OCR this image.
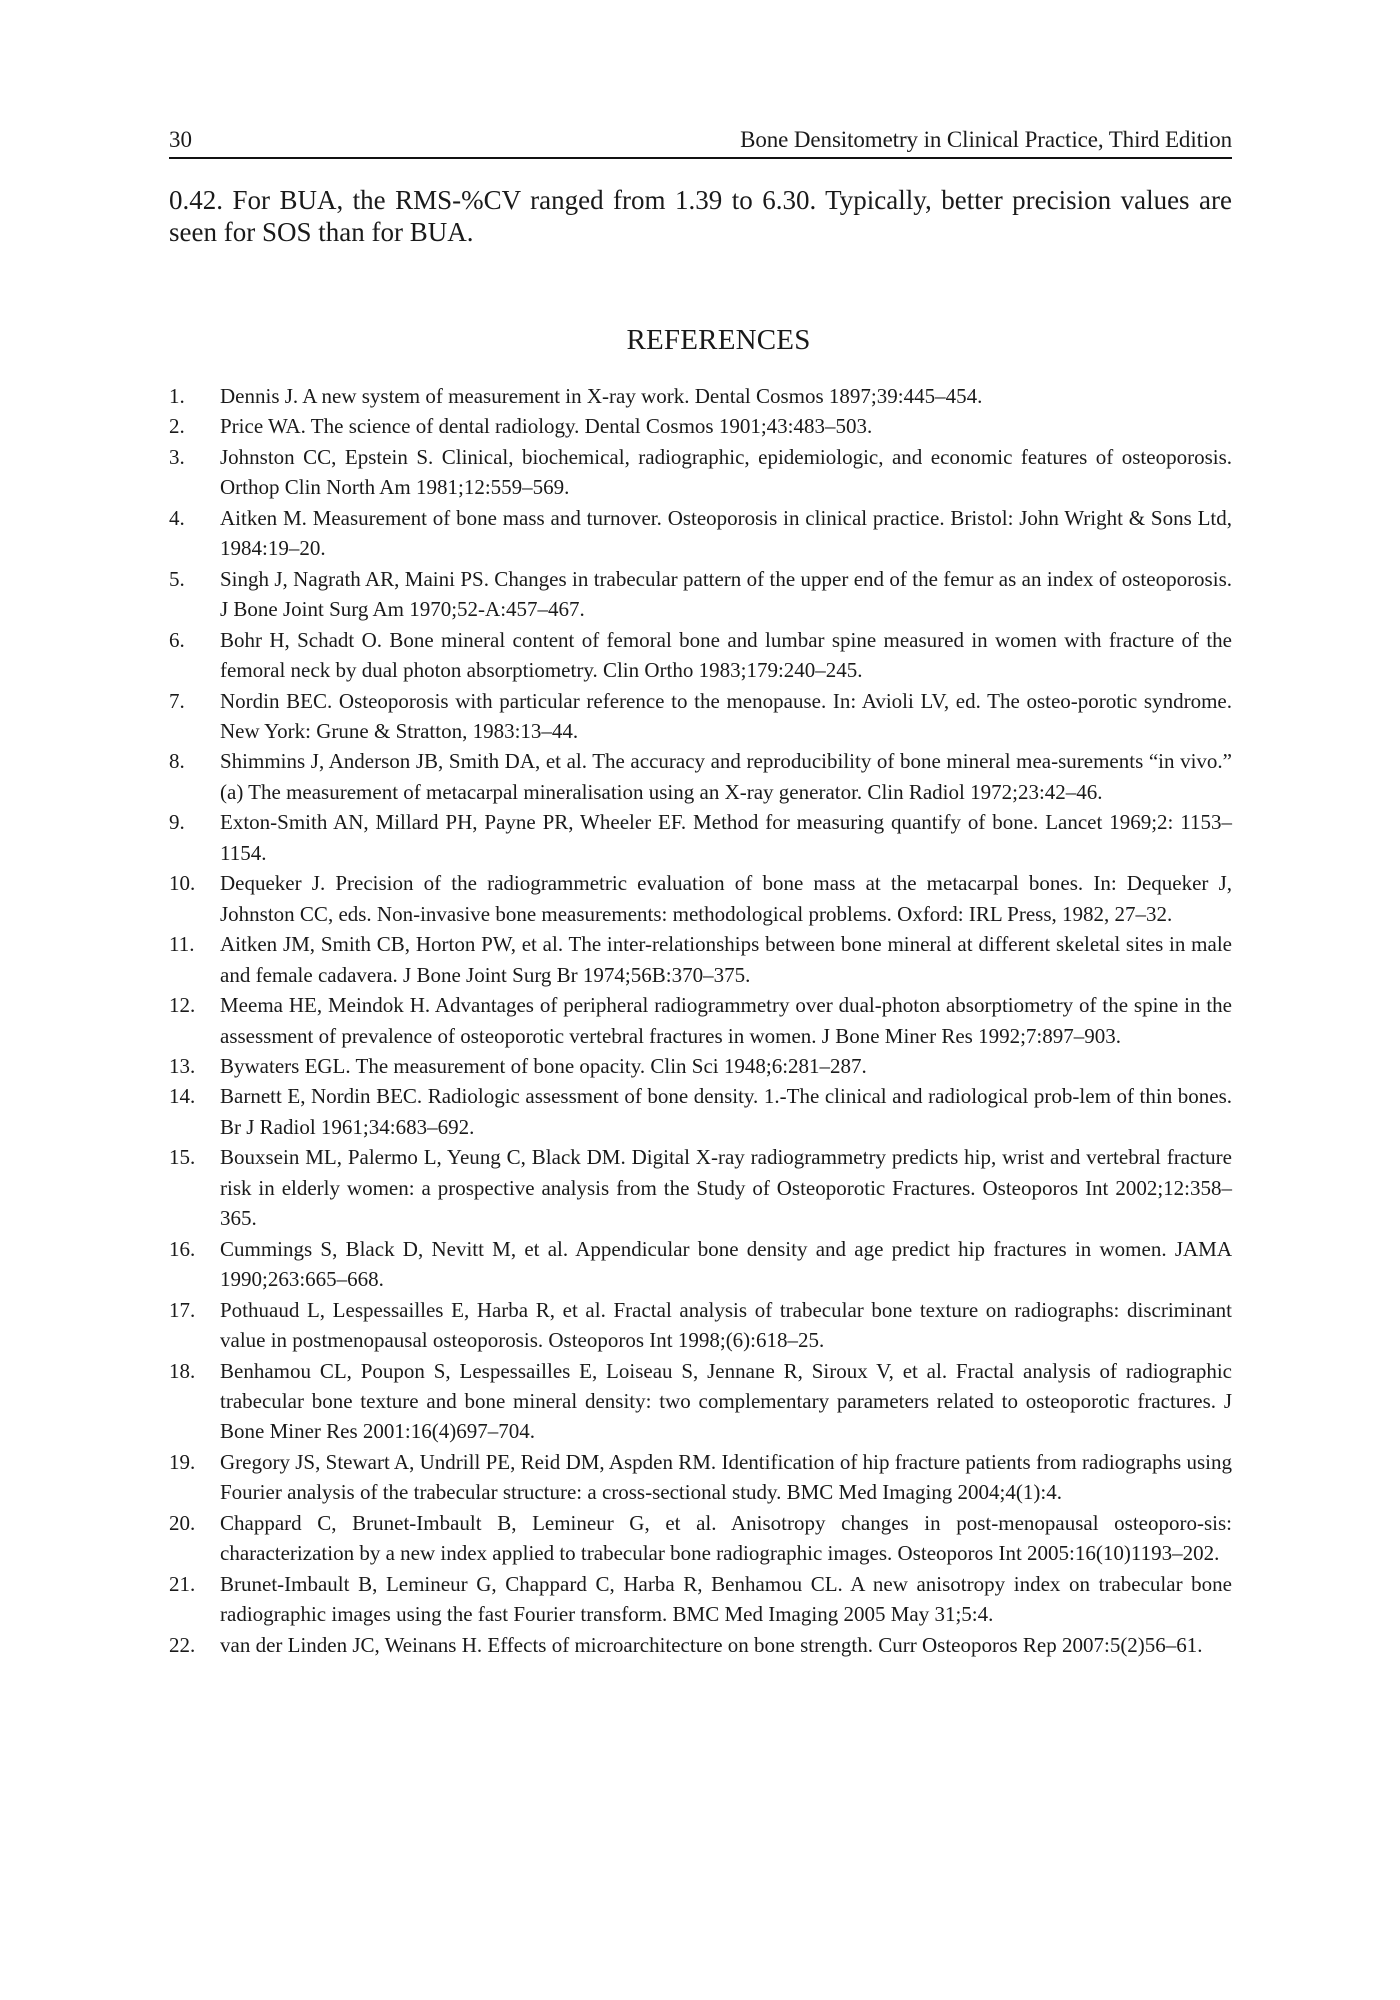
30	Bone Densitometry in Clinical Practice, Third Edition

0.42. For BUA, the RMS-%CV ranged from 1.39 to 6.30. Typically, better precision values are seen for SOS than for BUA.

REFERENCES
1.	Dennis J. A new system of measurement in X-ray work. Dental Cosmos 1897;39:445–454.
2.	Price WA. The science of dental radiology. Dental Cosmos 1901;43:483–503.
3.	Johnston CC, Epstein S. Clinical, biochemical, radiographic, epidemiologic, and economic features of osteoporosis. Orthop Clin North Am 1981;12:559–569.
4.	Aitken M. Measurement of bone mass and turnover. Osteoporosis in clinical practice. Bristol: John Wright & Sons Ltd, 1984:19–20.
5.	Singh J, Nagrath AR, Maini PS. Changes in trabecular pattern of the upper end of the femur as an index of osteoporosis. J Bone Joint Surg Am 1970;52-A:457–467.
6.	Bohr H, Schadt O. Bone mineral content of femoral bone and lumbar spine measured in women with fracture of the femoral neck by dual photon absorptiometry. Clin Ortho 1983;179:240–245.
7.	Nordin BEC. Osteoporosis with particular reference to the menopause. In: Avioli LV, ed. The osteo-porotic syndrome. New York: Grune & Stratton, 1983:13–44.
8.	Shimmins J, Anderson JB, Smith DA, et al. The accuracy and reproducibility of bone mineral mea-surements “in vivo.” (a) The measurement of metacarpal mineralisation using an X-ray generator. Clin Radiol 1972;23:42–46.
9.	Exton-Smith AN, Millard PH, Payne PR, Wheeler EF. Method for measuring quantify of bone. Lancet 1969;2: 1153–1154.
10.	Dequeker J. Precision of the radiogrammetric evaluation of bone mass at the metacarpal bones. In: Dequeker J, Johnston CC, eds. Non-invasive bone measurements: methodological problems. Oxford: IRL Press, 1982, 27–32.
11.	Aitken JM, Smith CB, Horton PW, et al. The inter-relationships between bone mineral at different skeletal sites in male and female cadavera. J Bone Joint Surg Br 1974;56B:370–375.
12.	Meema HE, Meindok H. Advantages of peripheral radiogrammetry over dual-photon absorptiometry of the spine in the assessment of prevalence of osteoporotic vertebral fractures in women. J Bone Miner Res 1992;7:897–903.
13.	Bywaters EGL. The measurement of bone opacity. Clin Sci 1948;6:281–287.
14.	Barnett E, Nordin BEC. Radiologic assessment of bone density. 1.-The clinical and radiological prob-lem of thin bones. Br J Radiol 1961;34:683–692.
15.	Bouxsein ML, Palermo L, Yeung C, Black DM. Digital X-ray radiogrammetry predicts hip, wrist and vertebral fracture risk in elderly women: a prospective analysis from the Study of Osteoporotic Fractures. Osteoporos Int 2002;12:358–365.
16.	Cummings S, Black D, Nevitt M, et al. Appendicular bone density and age predict hip fractures in women. JAMA 1990;263:665–668.
17.	Pothuaud L, Lespessailles E, Harba R, et al. Fractal analysis of trabecular bone texture on radiographs: discriminant value in postmenopausal osteoporosis. Osteoporos Int 1998;(6):618–25.
18.	Benhamou CL, Poupon S, Lespessailles E, Loiseau S, Jennane R, Siroux V, et al. Fractal analysis of radiographic trabecular bone texture and bone mineral density: two complementary parameters related to osteoporotic fractures. J Bone Miner Res 2001:16(4)697–704.
19.	Gregory JS, Stewart A, Undrill PE, Reid DM, Aspden RM. Identification of hip fracture patients from radiographs using Fourier analysis of the trabecular structure: a cross-sectional study. BMC Med Imaging 2004;4(1):4.
20.	Chappard C, Brunet-Imbault B, Lemineur G, et al. Anisotropy changes in post-menopausal osteoporo-sis: characterization by a new index applied to trabecular bone radiographic images. Osteoporos Int 2005:16(10)1193–202.
21.	Brunet-Imbault B, Lemineur G, Chappard C, Harba R, Benhamou CL. A new anisotropy index on trabecular bone radiographic images using the fast Fourier transform. BMC Med Imaging 2005 May 31;5:4.
22.	van der Linden JC, Weinans H. Effects of microarchitecture on bone strength. Curr Osteoporos Rep 2007:5(2)56–61.
